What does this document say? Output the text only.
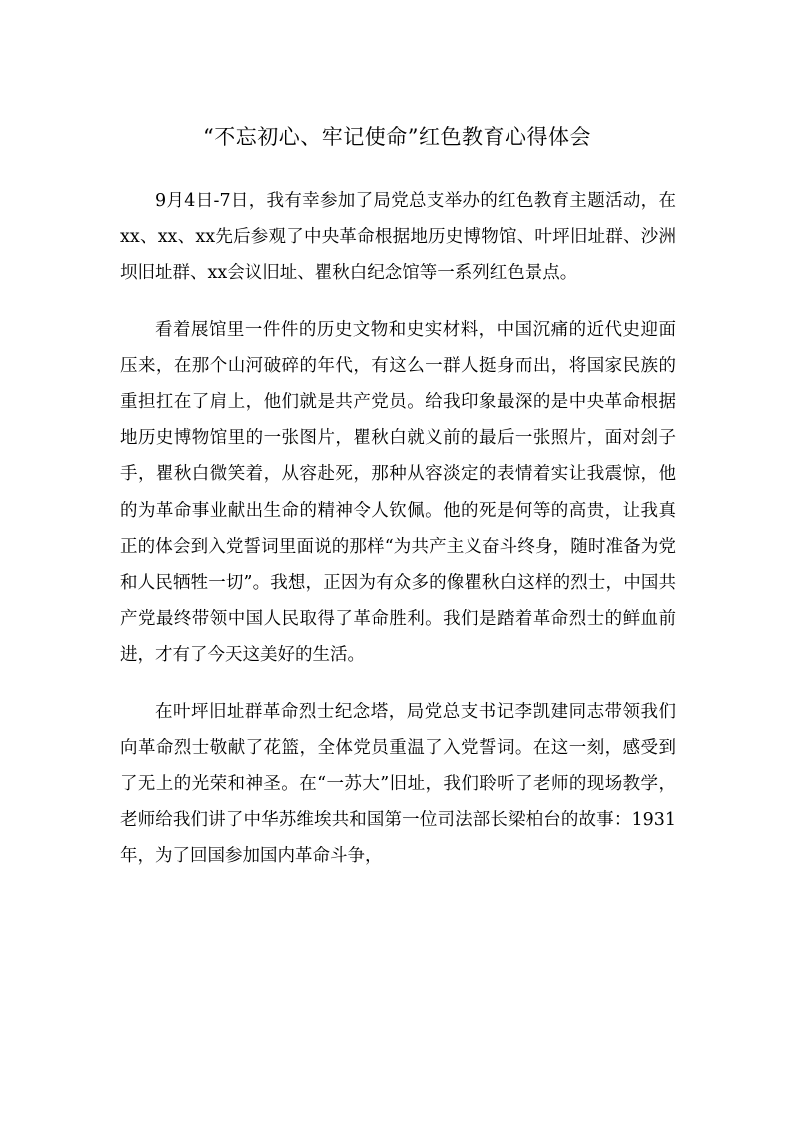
“不忘初心、牢记使命”红色教育心得体会

9月4日-7日，我有幸参加了局党总支举办的红色教育主题活动，在xx、xx、xx先后参观了中央革命根据地历史博物馆、叶坪旧址群、沙洲坝旧址群、xx会议旧址、瞿秋白纪念馆等一系列红色景点。

看着展馆里一件件的历史文物和史实材料，中国沉痛的近代史迎面压来，在那个山河破碎的年代，有这么一群人挺身而出，将国家民族的重担扛在了肩上，他们就是共产党员。给我印象最深的是中央革命根据地历史博物馆里的一张图片，瞿秋白就义前的最后一张照片，面对刽子手，瞿秋白微笑着，从容赴死，那种从容淡定的表情着实让我震惊，他的为革命事业献出生命的精神令人钦佩。他的死是何等的高贵，让我真正的体会到入党誓词里面说的那样“为共产主义奋斗终身，随时准备为党和人民牺牲一切”。我想，正因为有众多的像瞿秋白这样的烈士，中国共产党最终带领中国人民取得了革命胜利。我们是踏着革命烈士的鲜血前进，才有了今天这美好的生活。

在叶坪旧址群革命烈士纪念塔，局党总支书记李凯建同志带领我们向革命烈士敬献了花篮，全体党员重温了入党誓词。在这一刻，感受到了无上的光荣和神圣。在“一苏大”旧址，我们聆听了老师的现场教学，老师给我们讲了中华苏维埃共和国第一位司法部长梁柏台的故事：1931年，为了回国参加国内革命斗争，
